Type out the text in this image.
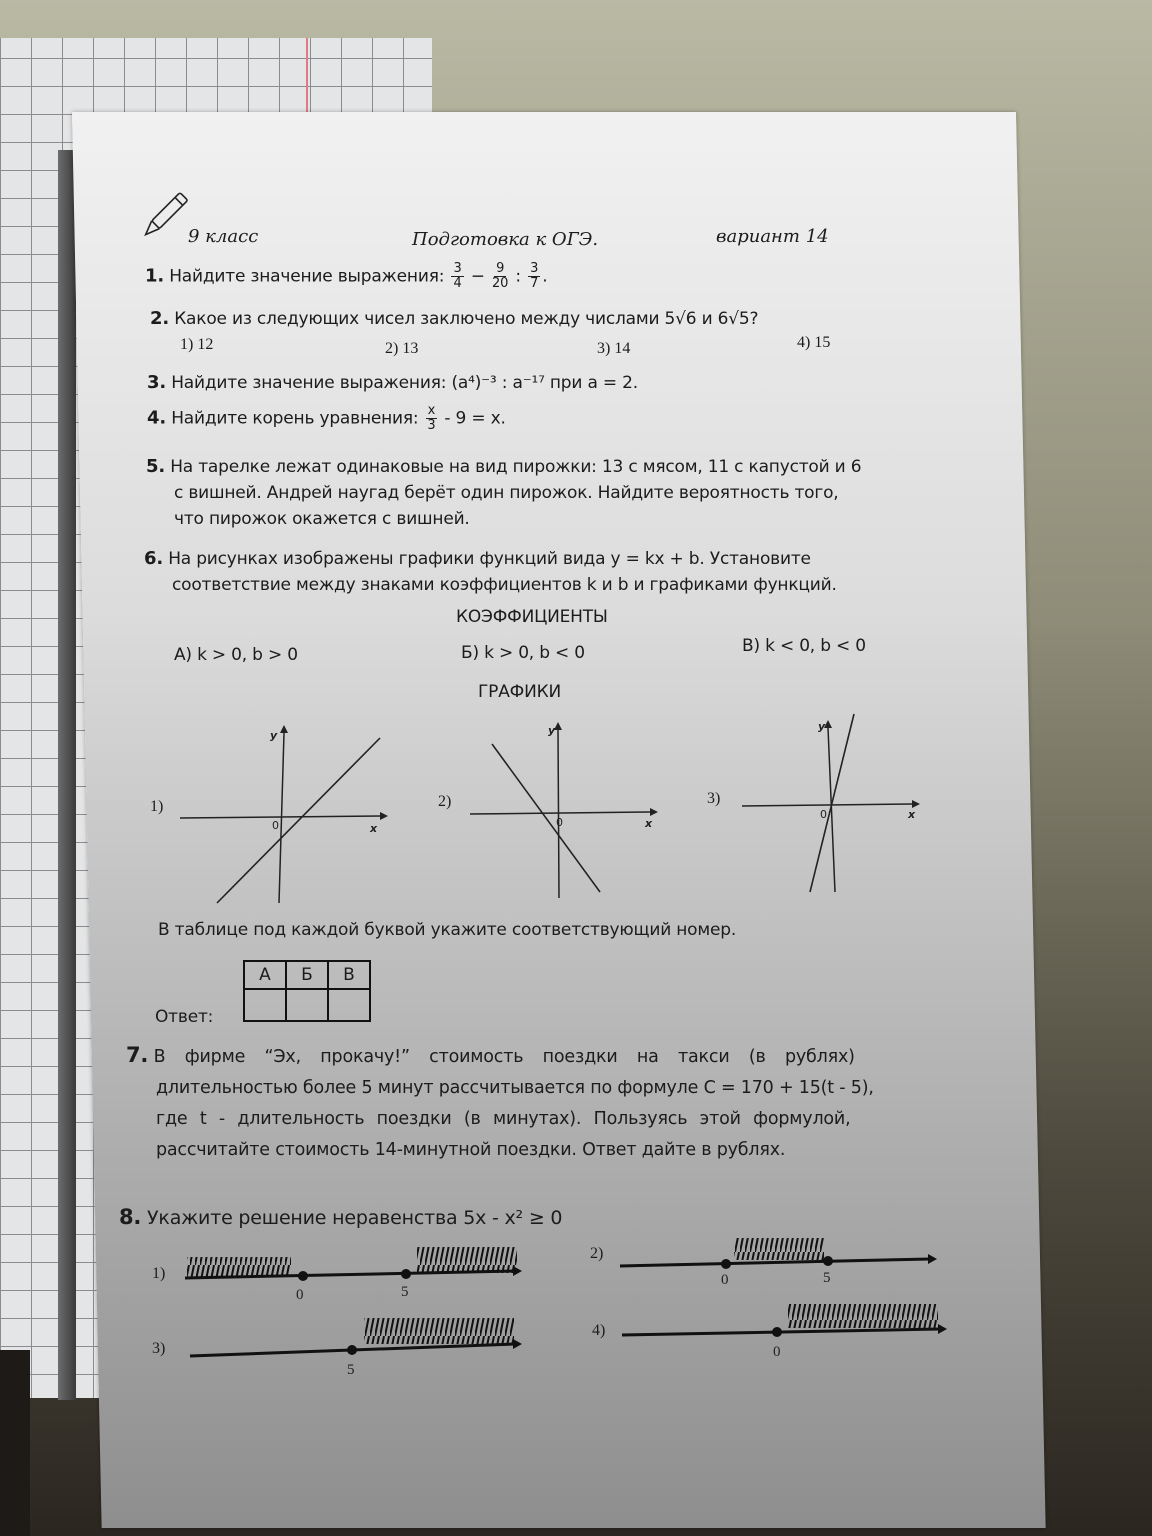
9 класс	Подготовка к ОГЭ.	вариант 14
1. Найдите значение выражения: $\frac{3}{4} - \frac{9}{20}$ : $\frac{3}{7}$ .
2. Какое из следующих чисел заключено между числами 5√6 и 6√5?
1) 12	2) 13	3) 14	4) 15
3. Найдите значение выражения: (a⁴)⁻³ : a⁻¹⁷ при a = 2.
4. Найдите корень уравнения: $\frac{x}{3} - 9 = x$.
5. На тарелке лежат одинаковые на вид пирожки: 13 с мясом, 11 с капустой и 6
с вишней. Андрей наугад берёт один пирожок. Найдите вероятность того,
что пирожок окажется с вишней.
6. На рисунках изображены графики функций вида y = kx + b. Установите
соответствие между знаками коэффициентов k и b и графиками функций.
КОЭФФИЦИЕНТЫ
А) k > 0, b > 0	Б) k > 0, b < 0	В) k < 0, b < 0
ГРАФИКИ
1)
y
x
0
2)
y
x
0
3)
y
x
0
В таблице под каждой буквой укажите соответствующий номер.
Ответ:
А	Б	В

7. В фирме “Эх, прокачу!” стоимость поездки на такси (в рублях)
длительностью более 5 минут рассчитывается по формуле C = 170 + 15(t - 5),
где t - длительность поездки (в минутах). Пользуясь этой формулой,
рассчитайте стоимость 14-минутной поездки. Ответ дайте в рублях.
8. Укажите решение неравенства 5x - x² ≥ 0
1)
0	5
2)
0	5
3)
5
4)
0
